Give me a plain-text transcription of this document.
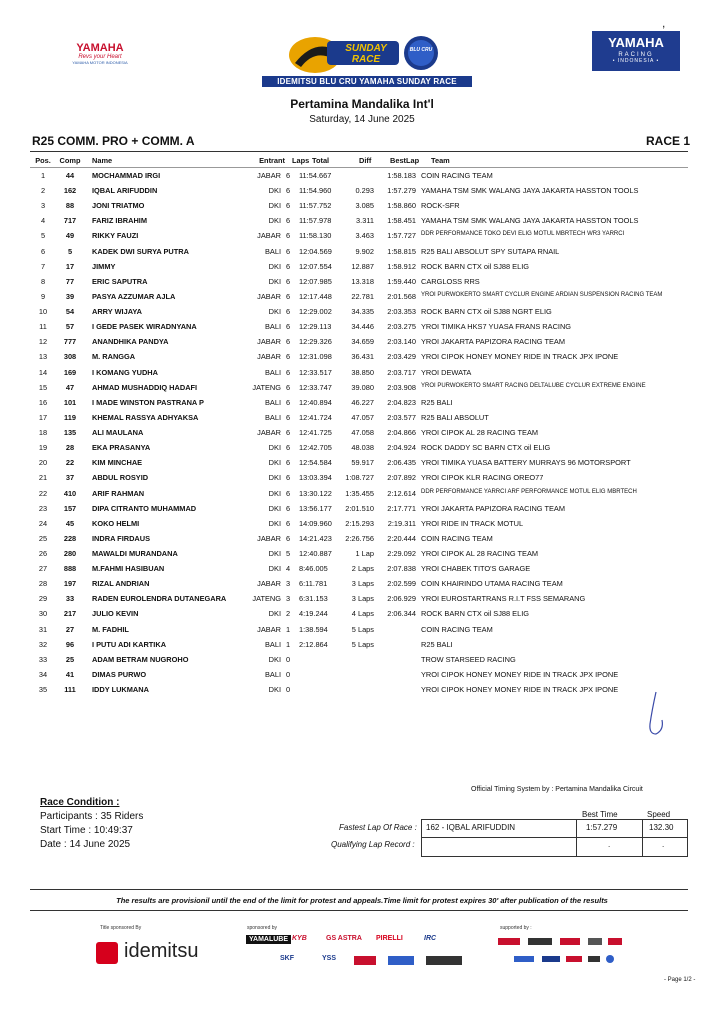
,
YAMAHA
Revs your Heart
YAMAHA MOTOR INDONESIA
SUNDAY RACE
BLU CRU
IDEMITSU BLU CRU YAMAHA SUNDAY RACE
YAMAHA
RACING
• INDONESIA •
Pertamina Mandalika Int'l
Saturday, 14 June 2025
R25 COMM. PRO + COMM. A	RACE 1
Pos.	Comp Name	Entrant Laps Total	Diff	BestLap Team
1	44	MOCHAMMAD IRGI	JABAR 6	11:54.667	1:58.183 COIN RACING TEAM
2	162	IQBAL ARIFUDDIN	DKI 6	11:54.960	0.293	1:57.279 YAMAHA TSM SMK WALANG JAYA JAKARTA HASSTON TOOLS
3	88	JONI TRIATMO	DKI 6	11:57.752	3.085	1:58.860 ROCK-SFR
4	717	FARIZ IBRAHIM	DKI 6	11:57.978	3.311	1:58.451 YAMAHA TSM SMK WALANG JAYA JAKARTA HASSTON TOOLS
5	49	RIKKY FAUZI	JABAR 6	11:58.130	3.463	1:57.727 DDR PERFORMANCE TOKO DEVI ELIG MOTUL MBRTECH WR3 YARRCI
6	5	KADEK DWI SURYA PUTRA	BALI 6	12:04.569	9.902	1:58.815 R25 BALI ABSOLUT SPY SUTAPA RNAIL
7	17	JIMMY	DKI 6	12:07.554	12.887	1:58.912 ROCK BARN CTX oil SJ88 ELIG
8	77	ERIC SAPUTRA	DKI 6	12:07.985	13.318	1:59.440 CARGLOSS RRS
9	39	PASYA AZZUMAR AJLA	JABAR 6	12:17.448	22.781	2:01.568 YROI PURWOKERTO SMART CYCLUR ENGINE ARDIAN SUSPENSION RACING TEAM
10	54	ARRY WIJAYA	DKI 6	12:29.002	34.335	2:03.353 ROCK BARN CTX oil SJ88 NGRT ELIG
11	57	I GEDE PASEK WIRADNYANA	BALI 6	12:29.113	34.446	2:03.275 YROI TIMIKA HKS7 YUASA FRANS RACING
12	777	ANANDHIKA PANDYA	JABAR 6	12:29.326	34.659	2:03.140 YROI JAKARTA PAPIZORA RACING TEAM
13	308	M. RANGGA	JABAR 6	12:31.098	36.431	2:03.429 YROI CIPOK HONEY MONEY RIDE IN TRACK JPX IPONE
14	169	I KOMANG YUDHA	BALI 6	12:33.517	38.850	2:03.717 YROI DEWATA
15	47	AHMAD MUSHADDIQ HADAFI	JATENG 6	12:33.747	39.080	2:03.908 YROI PURWOKERTO SMART RACING DELTALUBE CYCLUR EXTREME ENGINE
16	101	I MADE WINSTON PASTRANA P	BALI 6	12:40.894	46.227	2:04.823 R25 BALI
17	119	KHEMAL RASSYA ADHYAKSA	BALI 6	12:41.724	47.057	2:03.577 R25 BALI ABSOLUT
18	135	ALI MAULANA	JABAR 6	12:41.725	47.058	2:04.866 YROI CIPOK AL 28 RACING TEAM
19	28	EKA PRASANYA	DKI 6	12:42.705	48.038	2:04.924 ROCK DADDY SC BARN CTX oil ELIG
20	22	KIM MINCHAE	DKI 6	12:54.584	59.917	2:06.435 YROI TIMIKA YUASA BATTERY MURRAYS 96 MOTORSPORT
21	37	ABDUL ROSYID	DKI 6	13:03.394 1:08.727	2:07.892 YROI CIPOK KLR RACING OREO77
22	410	ARIF RAHMAN	DKI 6	13:30.122 1:35.455	2:12.614 DDR PERFORMANCE YARRCI ARF PERFORMANCE MOTUL ELIG MBRTECH
23	157	DIPA CITRANTO MUHAMMAD	DKI 6	13:56.177 2:01.510	2:17.771 YROI JAKARTA PAPIZORA RACING TEAM
24	45	KOKO HELMI	DKI 6	14:09.960 2:15.293	2:19.311 YROI RIDE IN TRACK MOTUL
25	228	INDRA FIRDAUS	JABAR 6	14:21.423 2:26.756	2:20.444 COIN RACING TEAM
26	280	MAWALDI MURANDANA	DKI 5	12:40.887	1 Lap	2:29.092 YROI CIPOK AL 28 RACING TEAM
27	888	M.FAHMI HASIBUAN	DKI 4	8:46.005	2 Laps	2:07.838 YROI CHABEK TITO'S GARAGE
28	197	RIZAL ANDRIAN	JABAR 3	6:11.781	3 Laps	2:02.599 COIN KHAIRINDO UTAMA RACING TEAM
29	33	RADEN EUROLENDRA DUTANEGARA	JATENG 3	6:31.153	3 Laps	2:06.929 YROI EUROSTARTRANS R.I.T FSS SEMARANG
30	217	JULIO KEVIN	DKI 2	4:19.244	4 Laps	2:06.344 ROCK BARN CTX oil SJ88 ELIG
31	27	M. FADHIL	JABAR 1	1:38.594	5 Laps	COIN RACING TEAM
32	96	I PUTU ADI KARTIKA	BALI 1	2:12.864	5 Laps	R25 BALI
33	25	ADAM BETRAM NUGROHO	DKI 0	TROW STARSEED RACING
34	41	DIMAS PURWO	BALI 0	YROI CIPOK HONEY MONEY RIDE IN TRACK JPX IPONE
35	111	IDDY LUKMANA	DKI 0	YROI CIPOK HONEY MONEY RIDE IN TRACK JPX IPONE
Official Timing System by : Pertamina Mandalika Circuit
Race Condition :
Participants : 35 Riders
Start Time : 10:49:37
Date : 14 June 2025
Best Time	Speed
Fastest Lap Of Race :
Qualifying Lap Record :
162 - IQBAL ARIFUDDIN	1:57.279	132.30
.	.
The results are provisionil until the end of the limit for protest and appeals.Time limit for protest expires 30' after publication of the results
Title sponsored By
idemitsu
sponsored by
YAMALUBE KYB	GS ASTRA PIRELLI	IRC
SKF	YSS
supported by :
- Page 1/2 -
